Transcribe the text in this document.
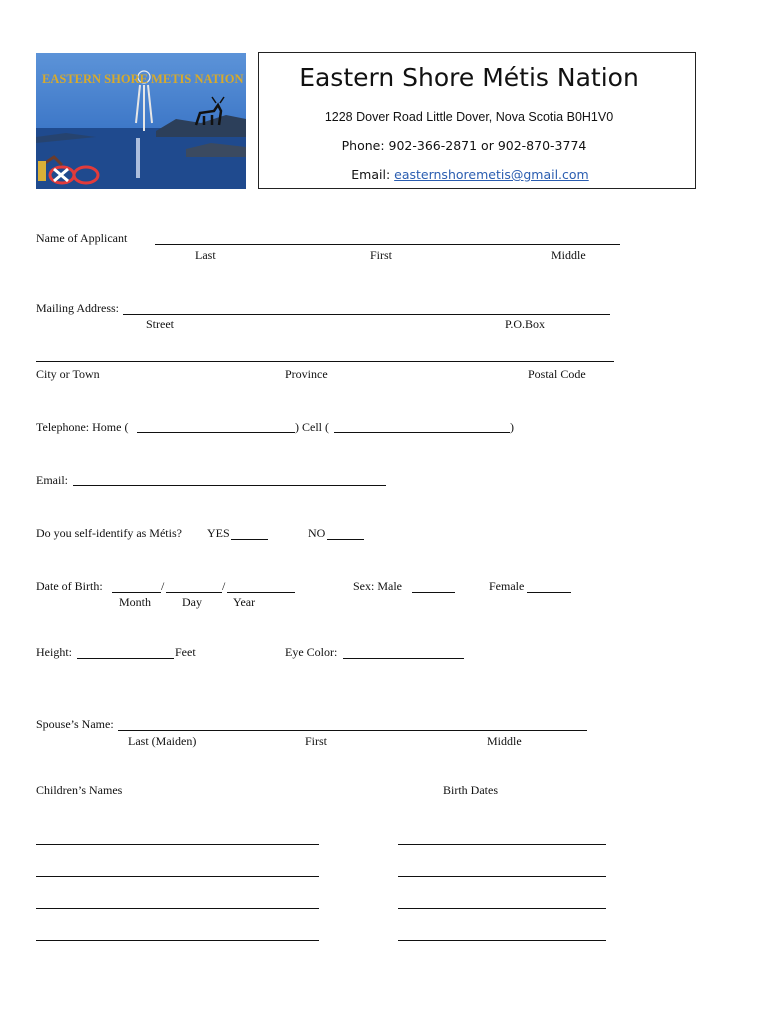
EASTERN SHORE METIS NATION	Eastern Shore Métis Nation
1228 Dover Road Little Dover, Nova Scotia B0H1V0
Phone: 902-366-2871 or 902-870-3774
Email: easternshoremetis@gmail.com
Name of Applicant
Last	First	Middle
Mailing Address:
Street	P.O.Box
City or Town	Province	Postal Code
Telephone: Home (	) Cell (	)
Email:
Do you self-identify as Métis? YES	NO
Date of Birth:	/	/
Month	Day	Year
Sex: Male	Female
Height:	Feet	Eye Color:
Spouse’s Name:
Last (Maiden)	First	Middle
Children’s Names	Birth Dates
